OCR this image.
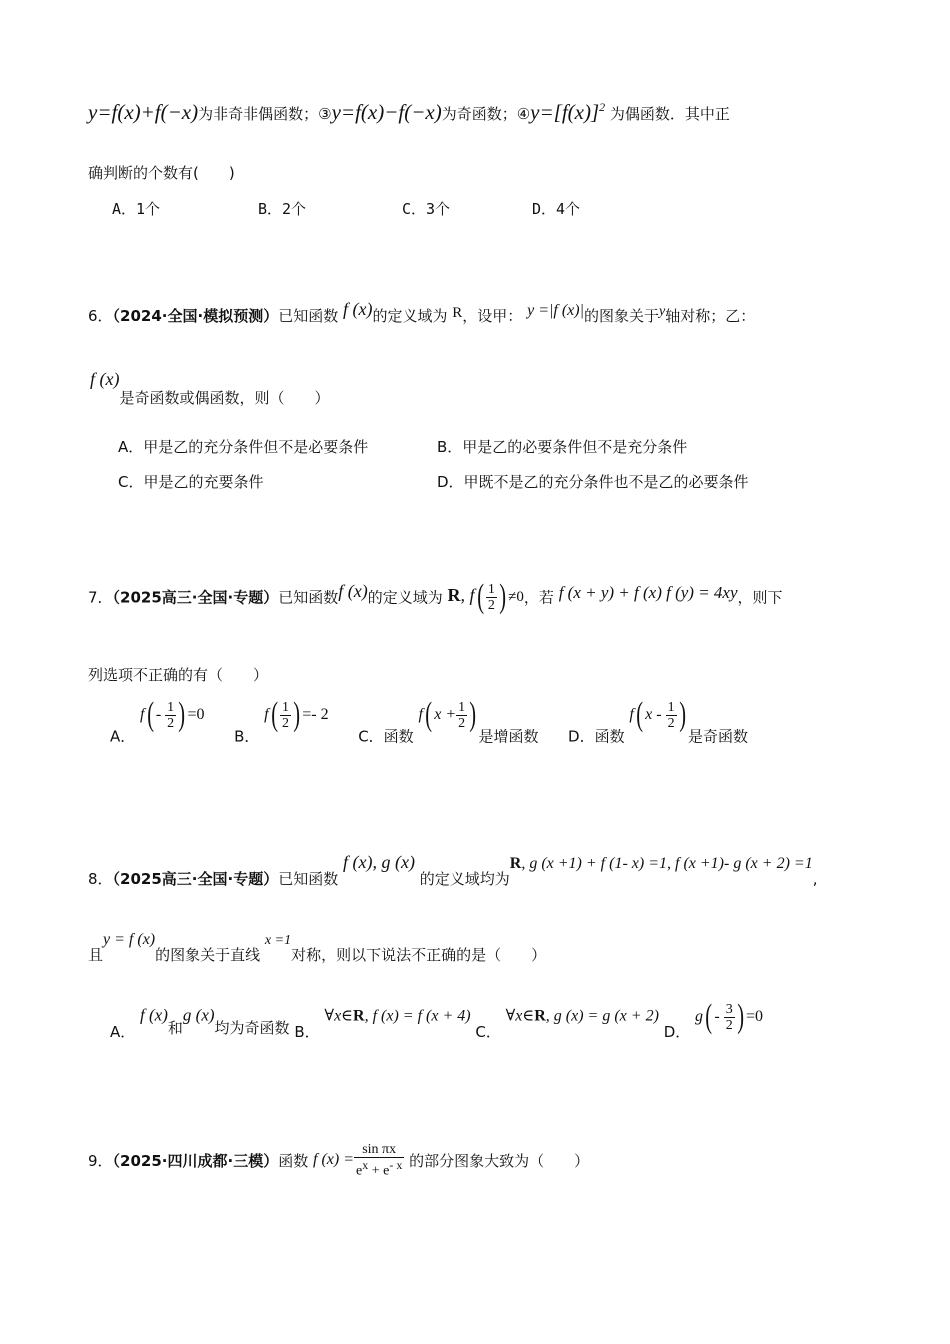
y=f(x)+f(−x)为非奇非偶函数；③y=f(x)−f(−x)为奇函数；$④y=[f(x)]^2$ 为偶函数．其中正
确判断的个数有(　　)
A．1个	B．2个	C．3个	D．4个
6．（2024·全国·模拟预测）已知函数 f (x)的定义域为 R，设甲： y =|f (x)|的图象关于y轴对称；乙：
f (x)是奇函数或偶函数，则（　　）
A．甲是乙的充分条件但不是必要条件	B．甲是乙的必要条件但不是充分条件
C．甲是乙的充要条件	D．甲既不是乙的充分条件也不是乙的必要条件
7．（2025高三·全国·专题）已知函数f (x)的定义域为 R, $f( \frac{1}{2}$ ) ≠0，若 f (x + y) + f (x) f (y) = 4xy，则下
列选项不正确的有（　　）
A． $f( - \frac{1}{2}$ ) =0  B． $f( \frac{1}{2}$ ) =- 2  C．函数 f( $x + \frac{1}{2}$ )是增函数 D．函数 f( x - $\frac{1}{2}$ )是奇函数
8．（2025高三·全国·专题）已知函数 f (x), g (x) 的定义域均为R, g (x +1) + f (1- x) =1, f (x +1)- g (x + 2) =1,
且y = f (x)的图象关于直线 x =1对称，则以下说法不正确的是（　　）
A． f (x)和g (x)均为奇函数 B． ∀x∈R, f (x) = f (x + 4) C． ∀x∈R, g (x) = g (x + 2) D． $g( - \frac{3}{2}$ ) =0
9．（2025·四川成都·三模）函数 f $(x) = \frac{\text{sin πx}}{ex + e- x}$ 的部分图象大致为（　　）
